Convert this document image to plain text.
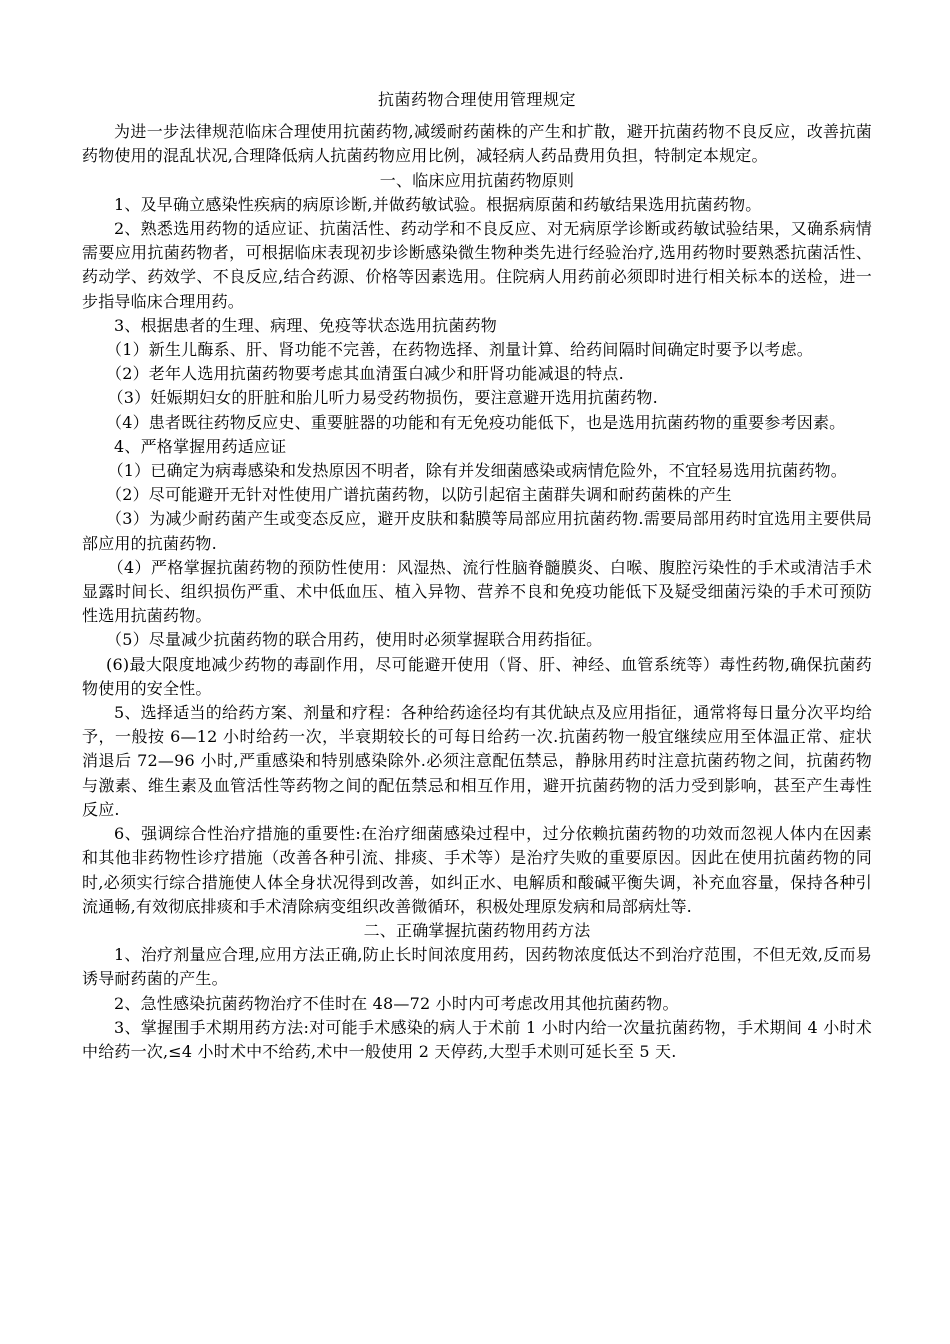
抗菌药物合理使用管理规定

为进一步法律规范临床合理使用抗菌药物,减缓耐药菌株的产生和扩散，避开抗菌药物不良反应，改善抗菌药物使用的混乱状况,合理降低病人抗菌药物应用比例，减轻病人药品费用负担，特制定本规定。

一、临床应用抗菌药物原则

1、及早确立感染性疾病的病原诊断,并做药敏试验。根据病原菌和药敏结果选用抗菌药物。

2、熟悉选用药物的适应证、抗菌活性、药动学和不良反应、对无病原学诊断或药敏试验结果，又确系病情需要应用抗菌药物者，可根据临床表现初步诊断感染微生物种类先进行经验治疗,选用药物时要熟悉抗菌活性、药动学、药效学、不良反应,结合药源、价格等因素选用。住院病人用药前必须即时进行相关标本的送检，进一步指导临床合理用药。

3、根据患者的生理、病理、免疫等状态选用抗菌药物

（1）新生儿酶系、肝、肾功能不完善，在药物选择、剂量计算、给药间隔时间确定时要予以考虑。

（2）老年人选用抗菌药物要考虑其血清蛋白减少和肝肾功能减退的特点.

（3）妊娠期妇女的肝脏和胎儿听力易受药物损伤，要注意避开选用抗菌药物.

（4）患者既往药物反应史、重要脏器的功能和有无免疫功能低下，也是选用抗菌药物的重要参考因素。

4、严格掌握用药适应证

（1）已确定为病毒感染和发热原因不明者，除有并发细菌感染或病情危险外，不宜轻易选用抗菌药物。

（2）尽可能避开无针对性使用广谱抗菌药物，以防引起宿主菌群失调和耐药菌株的产生

（3）为减少耐药菌产生或变态反应，避开皮肤和黏膜等局部应用抗菌药物.需要局部用药时宜选用主要供局部应用的抗菌药物.

（4）严格掌握抗菌药物的预防性使用：风湿热、流行性脑脊髓膜炎、白喉、腹腔污染性的手术或清洁手术显露时间长、组织损伤严重、术中低血压、植入异物、营养不良和免疫功能低下及疑受细菌污染的手术可预防性选用抗菌药物。

（5）尽量减少抗菌药物的联合用药，使用时必须掌握联合用药指征。

(6)最大限度地减少药物的毒副作用，尽可能避开使用（肾、肝、神经、血管系统等）毒性药物,确保抗菌药物使用的安全性。

5、选择适当的给药方案、剂量和疗程：各种给药途径均有其优缺点及应用指征，通常将每日量分次平均给予，一般按 6—12 小时给药一次，半衰期较长的可每日给药一次.抗菌药物一般宜继续应用至体温正常、症状消退后 72—96 小时,严重感染和特别感染除外.必须注意配伍禁忌，静脉用药时注意抗菌药物之间，抗菌药物与激素、维生素及血管活性等药物之间的配伍禁忌和相互作用，避开抗菌药物的活力受到影响，甚至产生毒性反应.

6、强调综合性治疗措施的重要性:在治疗细菌感染过程中，过分依赖抗菌药物的功效而忽视人体内在因素和其他非药物性诊疗措施（改善各种引流、排痰、手术等）是治疗失败的重要原因。因此在使用抗菌药物的同时,必须实行综合措施使人体全身状况得到改善，如纠正水、电解质和酸碱平衡失调，补充血容量，保持各种引流通畅,有效彻底排痰和手术清除病变组织改善微循环，积极处理原发病和局部病灶等.

二、正确掌握抗菌药物用药方法

1、治疗剂量应合理,应用方法正确,防止长时间浓度用药，因药物浓度低达不到治疗范围，不但无效,反而易诱导耐药菌的产生。

2、急性感染抗菌药物治疗不佳时在 48—72 小时内可考虑改用其他抗菌药物。

3、掌握围手术期用药方法:对可能手术感染的病人于术前 1 小时内给一次量抗菌药物，手术期间 4 小时术中给药一次,≤4 小时术中不给药,术中一般使用 2 天停药,大型手术则可延长至 5 天.
